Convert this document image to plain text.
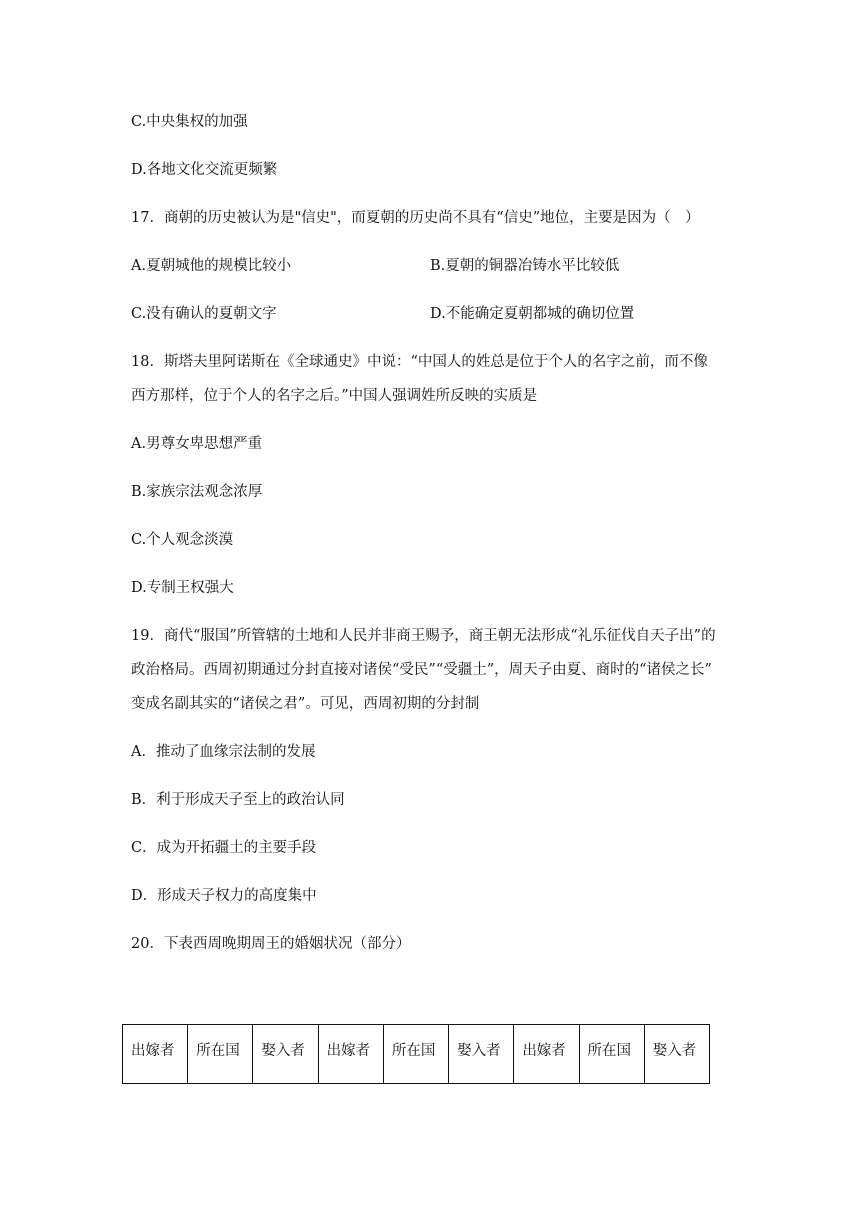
C.中央集权的加强
D.各地文化交流更频繁
17．商朝的历史被认为是"信史"，而夏朝的历史尚不具有“信史”地位，主要是因为（　）
A.夏朝城他的规模比较小	B.夏朝的铜器冶铸水平比较低
C.没有确认的夏朝文字	D.不能确定夏朝都城的确切位置
18．斯塔夫里阿诺斯在《全球通史》中说：“中国人的姓总是位于个人的名字之前，而不像
西方那样，位于个人的名字之后。”中国人强调姓所反映的实质是
A.男尊女卑思想严重
B.家族宗法观念浓厚
C.个人观念淡漠
D.专制王权强大
19．商代“服国”所管辖的土地和人民并非商王赐予，商王朝无法形成“礼乐征伐自天子出”的
政治格局。西周初期通过分封直接对诸侯“受民”“受疆土”，周天子由夏、商时的“诸侯之长”
变成名副其实的“诸侯之君”。可见，西周初期的分封制
A．推动了血缘宗法制的发展
B．利于形成天子至上的政治认同
C．成为开拓疆土的主要手段
D．形成天子权力的高度集中
20．下表西周晚期周王的婚姻状况（部分）
出嫁者	所在国	娶入者	出嫁者	所在国	娶入者	出嫁者	所在国	娶入者
